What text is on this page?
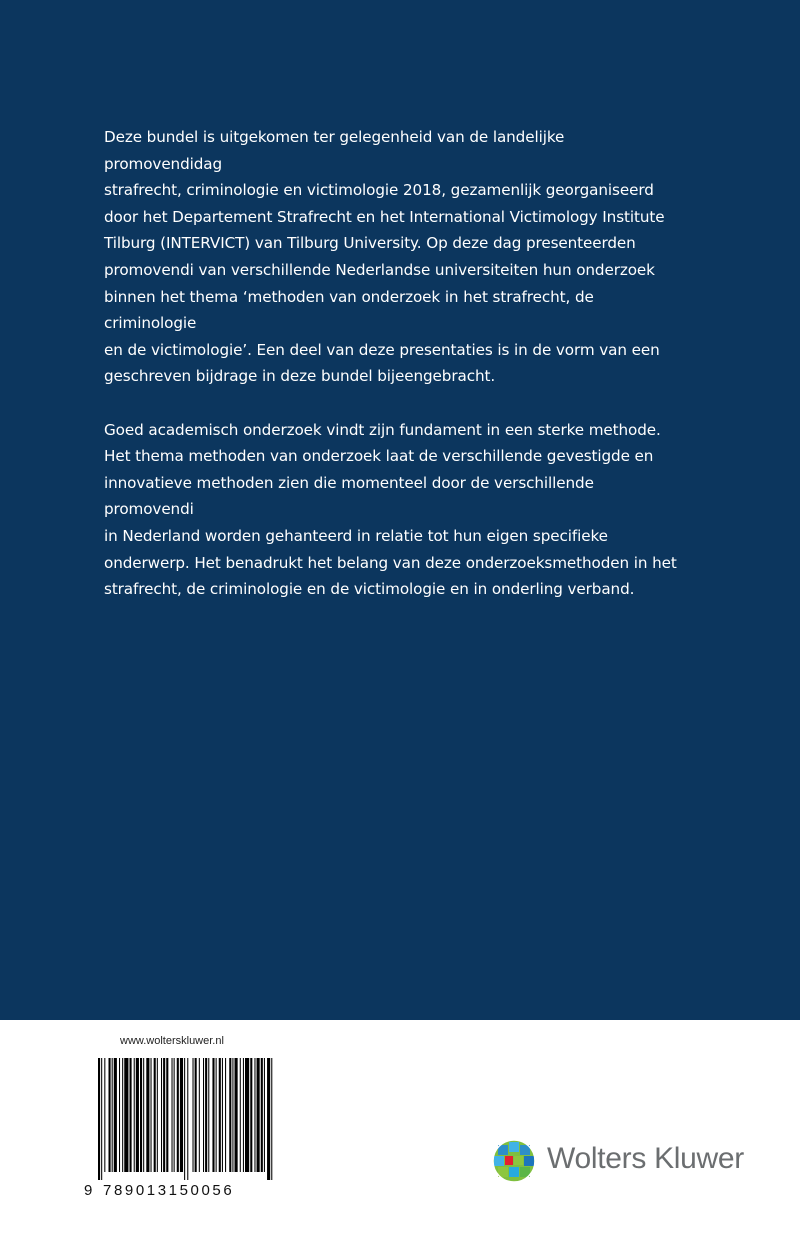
Deze bundel is uitgekomen ter gelegenheid van de landelijke promovendidag
strafrecht, criminologie en victimologie 2018, gezamenlijk georganiseerd
door het Departement Strafrecht en het International Victimology Institute
Tilburg (INTERVICT) van Tilburg University. Op deze dag presenteerden
promovendi van verschillende Nederlandse universiteiten hun onderzoek
binnen het thema ‘methoden van onderzoek in het strafrecht, de criminologie
en de victimologie’. Een deel van deze presentaties is in de vorm van een
geschreven bijdrage in deze bundel bijeengebracht.

Goed academisch onderzoek vindt zijn fundament in een sterke methode.
Het thema methoden van onderzoek laat de verschillende gevestigde en
innovatieve methoden zien die momenteel door de verschillende promovendi
in Nederland worden gehanteerd in relatie tot hun eigen specifieke
onderwerp. Het benadrukt het belang van deze onderzoeksmethoden in het
strafrecht, de criminologie en de victimologie en in onderling verband.

www.wolterskluwer.nl
9 789013150056
Wolters Kluwer
